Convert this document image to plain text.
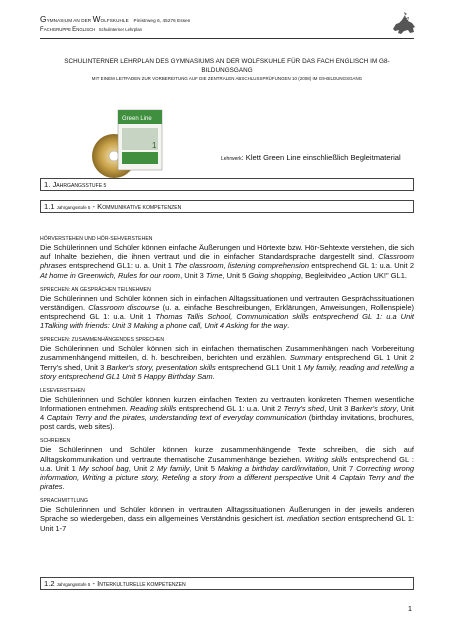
GYMNASIUM AN DER WOLFSKUHLE Pinistrweg 6, 45276 Essen
FACHGRUPPE ENGLISCH Schulinterner Lehrplan
SCHULINTERNER LEHRPLAN DES GYMNASIUMS AN DER WOLFSKUHLE FÜR DAS FACH ENGLISCH IM G8-
BILDUNGSGANG
MIT EINEM LEITFADEN ZUR VORBEREITUNG AUF DIE ZENTRALEN ABSCHLUSSPRÜFUNGEN 10 (2008) IM G9-BILDUNGSGANG
Green Line
1
Lehrwerk: Klett Green Line einschließlich Begleitmaterial
1. JAHRGANGSSTUFE 5
1.1 Jahrgangsstufe 5 - KOMMUNIKATIVE KOMPETENZEN
HÖRVERSTEHEN UND HÖR-SEHVERSTEHEN

Die Schülerinnen und Schüler können einfache Äußerungen und Hörtexte bzw. Hör-Sehtexte verstehen, die sich auf Inhalte beziehen, die ihnen vertraut und die in einfacher Standardsprache dargestellt sind. Classroom phrases entsprechend GL1: u. a. Unit 1 The classroom, listening comprehension entsprechend GL 1: u.a. Unit 2 At home in Greenwich, Rules for our room, Unit 3 Time, Unit 5 Going shopping, Begleitvideo „Action UK!" GL1.

SPRECHEN: AN GESPRÄCHEN TEILNEHMEN

Die Schülerinnen und Schüler können sich in einfachen Alltagssituationen und vertrauten Gesprächssituationen verständigen. Classroom discourse (u. a. einfache Beschreibungen, Erklärungen, Anweisungen, Rollenspiele) entsprechend GL 1: u.a. Unit 1 Thomas Tallis School, Communication skills entsprechend GL 1: u.a Unit 1Talking with friends: Unit 3 Making a phone call, Unit 4 Asking for the way.

SPRECHEN: ZUSAMMENHÄNGENDES SPRECHEN

Die Schülerinnen und Schüler können sich in einfachen thematischen Zusammenhängen nach Vorbereitung zusammenhängend mitteilen, d. h. beschreiben, berichten und erzählen. Summary entsprechend GL 1 Unit 2 Terry's shed, Unit 3 Barker's story, presentation skills entsprechend GL1 Unit 1 My family, reading and retelling a story entsprechend GL1 Unit 5 Happy Birthday Sam.

LESEVERSTEHEN

Die Schülerinnen und Schüler können kurzen einfachen Texten zu vertrauten konkreten Themen wesentliche Informationen entnehmen. Reading skills entsprechend GL 1: u.a. Unit 2 Terry's shed, Unit 3 Barker's story, Unit 4 Captain Terry and the pirates, understanding text of everyday communication (birthday invitations, brochures, post cards, web sites).

SCHREIBEN

Die Schülerinnen und Schüler können kurze zusammenhängende Texte schreiben, die sich auf Alltagskommunikation und vertraute thematische Zusammenhänge beziehen. Writing skills entsprechend GL : u.a. Unit 1 My school bag, Unit 2 My family, Unit 5 Making a birthday card/invitation, Unit 7 Correcting wrong information, Writing a picture story, Reteling a story from a different perspective Unit 4 Captain Terry and the pirates.

SPRACHMITTLUNG

Die Schülerinnen und Schüler können in vertrauten Alltagssituationen Äußerungen in der jeweils anderen Sprache so wiedergeben, dass ein allgemeines Verständnis gesichert ist. mediation section entsprechend GL 1: Unit 1-7

1.2 Jahrgangsstufe 5 - INTERKULTURELLE KOMPETENZEN
1
